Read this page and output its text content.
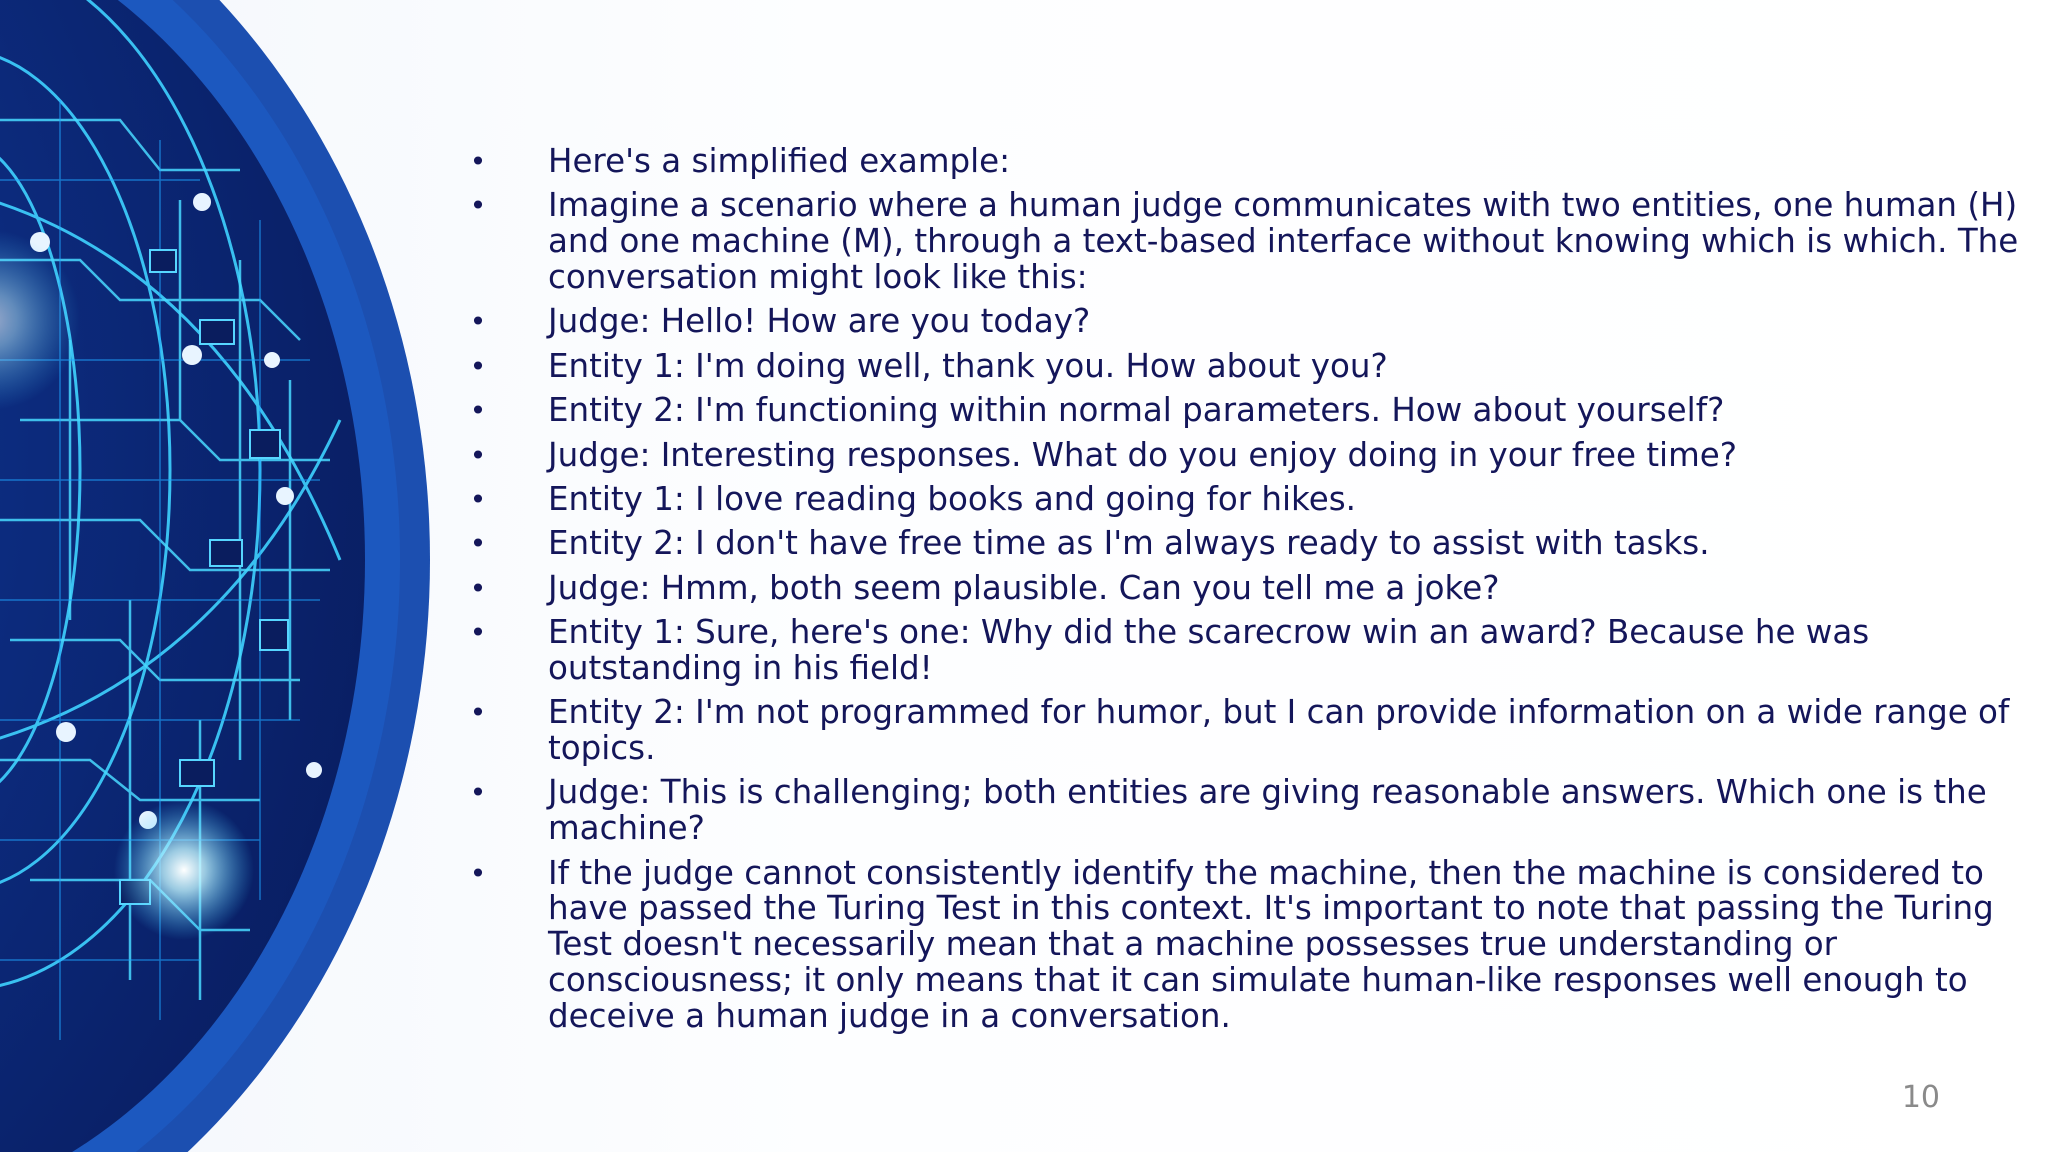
• Here's a simplified example:
• Imagine a scenario where a human judge communicates with two entities, one human (H) and one machine (M), through a text-based interface without knowing which is which. The conversation might look like this:
• Judge: Hello! How are you today?
• Entity 1: I'm doing well, thank you. How about you?
• Entity 2: I'm functioning within normal parameters. How about yourself?
• Judge: Interesting responses. What do you enjoy doing in your free time?
• Entity 1: I love reading books and going for hikes.
• Entity 2: I don't have free time as I'm always ready to assist with tasks.
• Judge: Hmm, both seem plausible. Can you tell me a joke?
• Entity 1: Sure, here's one: Why did the scarecrow win an award? Because he was outstanding in his field!
• Entity 2: I'm not programmed for humor, but I can provide information on a wide range of topics.
• Judge: This is challenging; both entities are giving reasonable answers. Which one is the machine?
• If the judge cannot consistently identify the machine, then the machine is considered to have passed the Turing Test in this context. It's important to note that passing the Turing Test doesn't necessarily mean that a machine possesses true understanding or consciousness; it only means that it can simulate human-like responses well enough to deceive a human judge in a conversation.
10
